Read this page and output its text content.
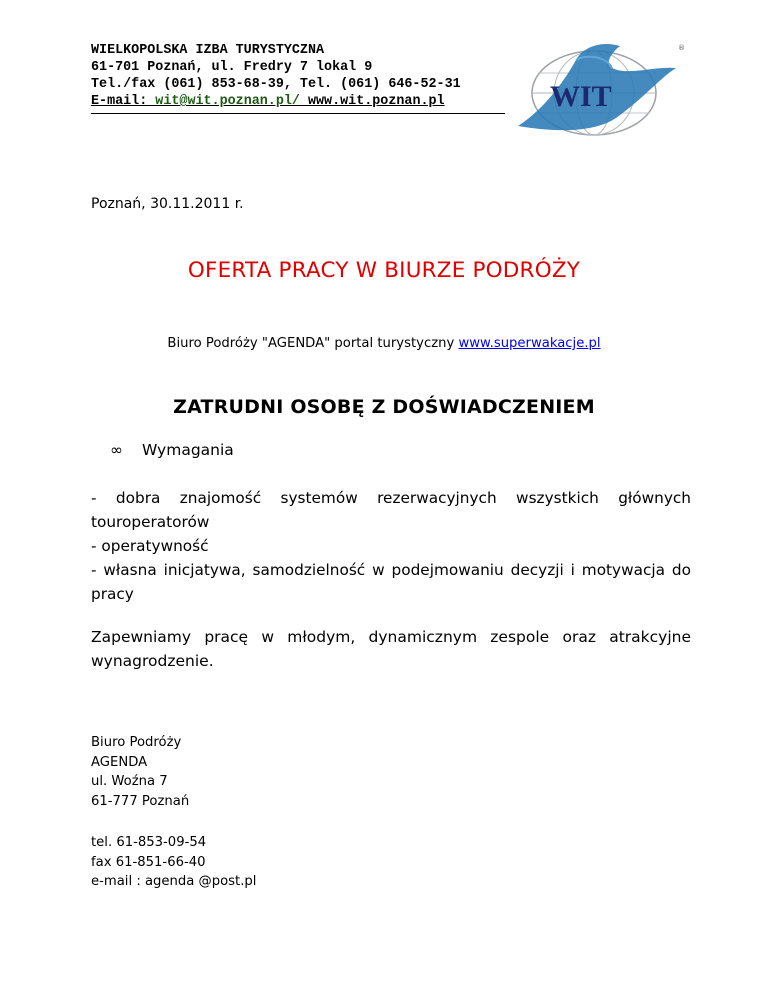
WIELKOPOLSKA IZBA TURYSTYCZNA
61-701 Poznań, ul. Fredry 7 lokal 9
Tel./fax (061) 853-68-39, Tel. (061) 646-52-31
E-mail: wit@wit.poznan.pl/ www.wit.poznan.pl	WIT
®
Poznań, 30.11.2011 r.
OFERTA PRACY W BIURZE PODRÓŻY
Biuro Podróży "AGENDA" portal turystyczny www.superwakacje.pl
ZATRUDNI OSOBĘ Z DOŚWIADCZENIEM
∞ Wymagania
- dobra znajomość systemów rezerwacyjnych wszystkich głównych touroperatorów
- operatywność
- własna inicjatywa, samodzielność w podejmowaniu decyzji i motywacja do pracy
Zapewniamy pracę w młodym, dynamicznym zespole oraz atrakcyjne wynagrodzenie.
Biuro Podróży
AGENDA
ul. Woźna 7
61-777 Poznań
tel. 61-853-09-54
fax 61-851-66-40
e-mail : agenda @post.pl
